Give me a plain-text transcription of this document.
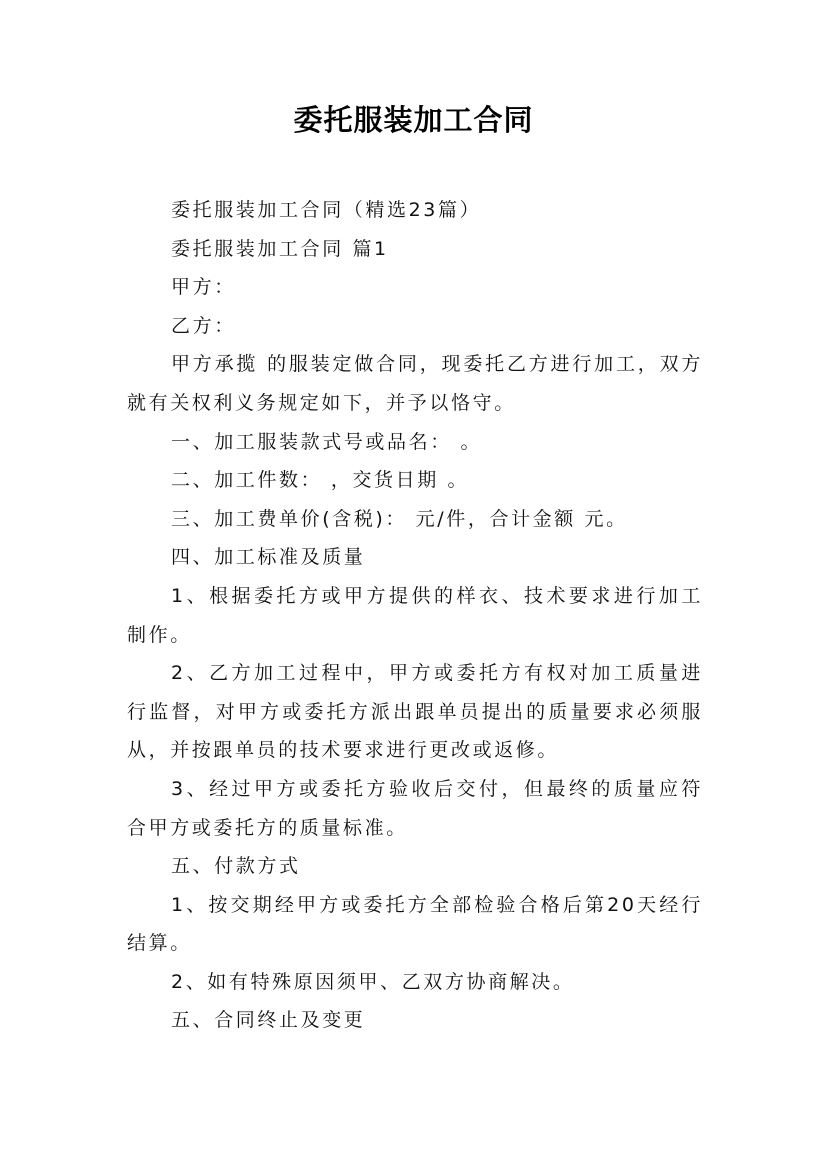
委托服装加工合同

委托服装加工合同（精选23篇）

委托服装加工合同 篇1

甲方：

乙方：

甲方承揽 的服装定做合同，现委托乙方进行加工，双方就有关权利义务规定如下，并予以恪守。

一、加工服装款式号或品名： 。

二、加工件数： ，交货日期 。

三、加工费单价(含税)： 元/件，合计金额 元。

四、加工标准及质量

1、根据委托方或甲方提供的样衣、技术要求进行加工制作。

2、乙方加工过程中，甲方或委托方有权对加工质量进行监督，对甲方或委托方派出跟单员提出的质量要求必须服从，并按跟单员的技术要求进行更改或返修。

3、经过甲方或委托方验收后交付，但最终的质量应符合甲方或委托方的质量标准。

五、付款方式

1、按交期经甲方或委托方全部检验合格后第20天经行结算。

2、如有特殊原因须甲、乙双方协商解决。

五、合同终止及变更
